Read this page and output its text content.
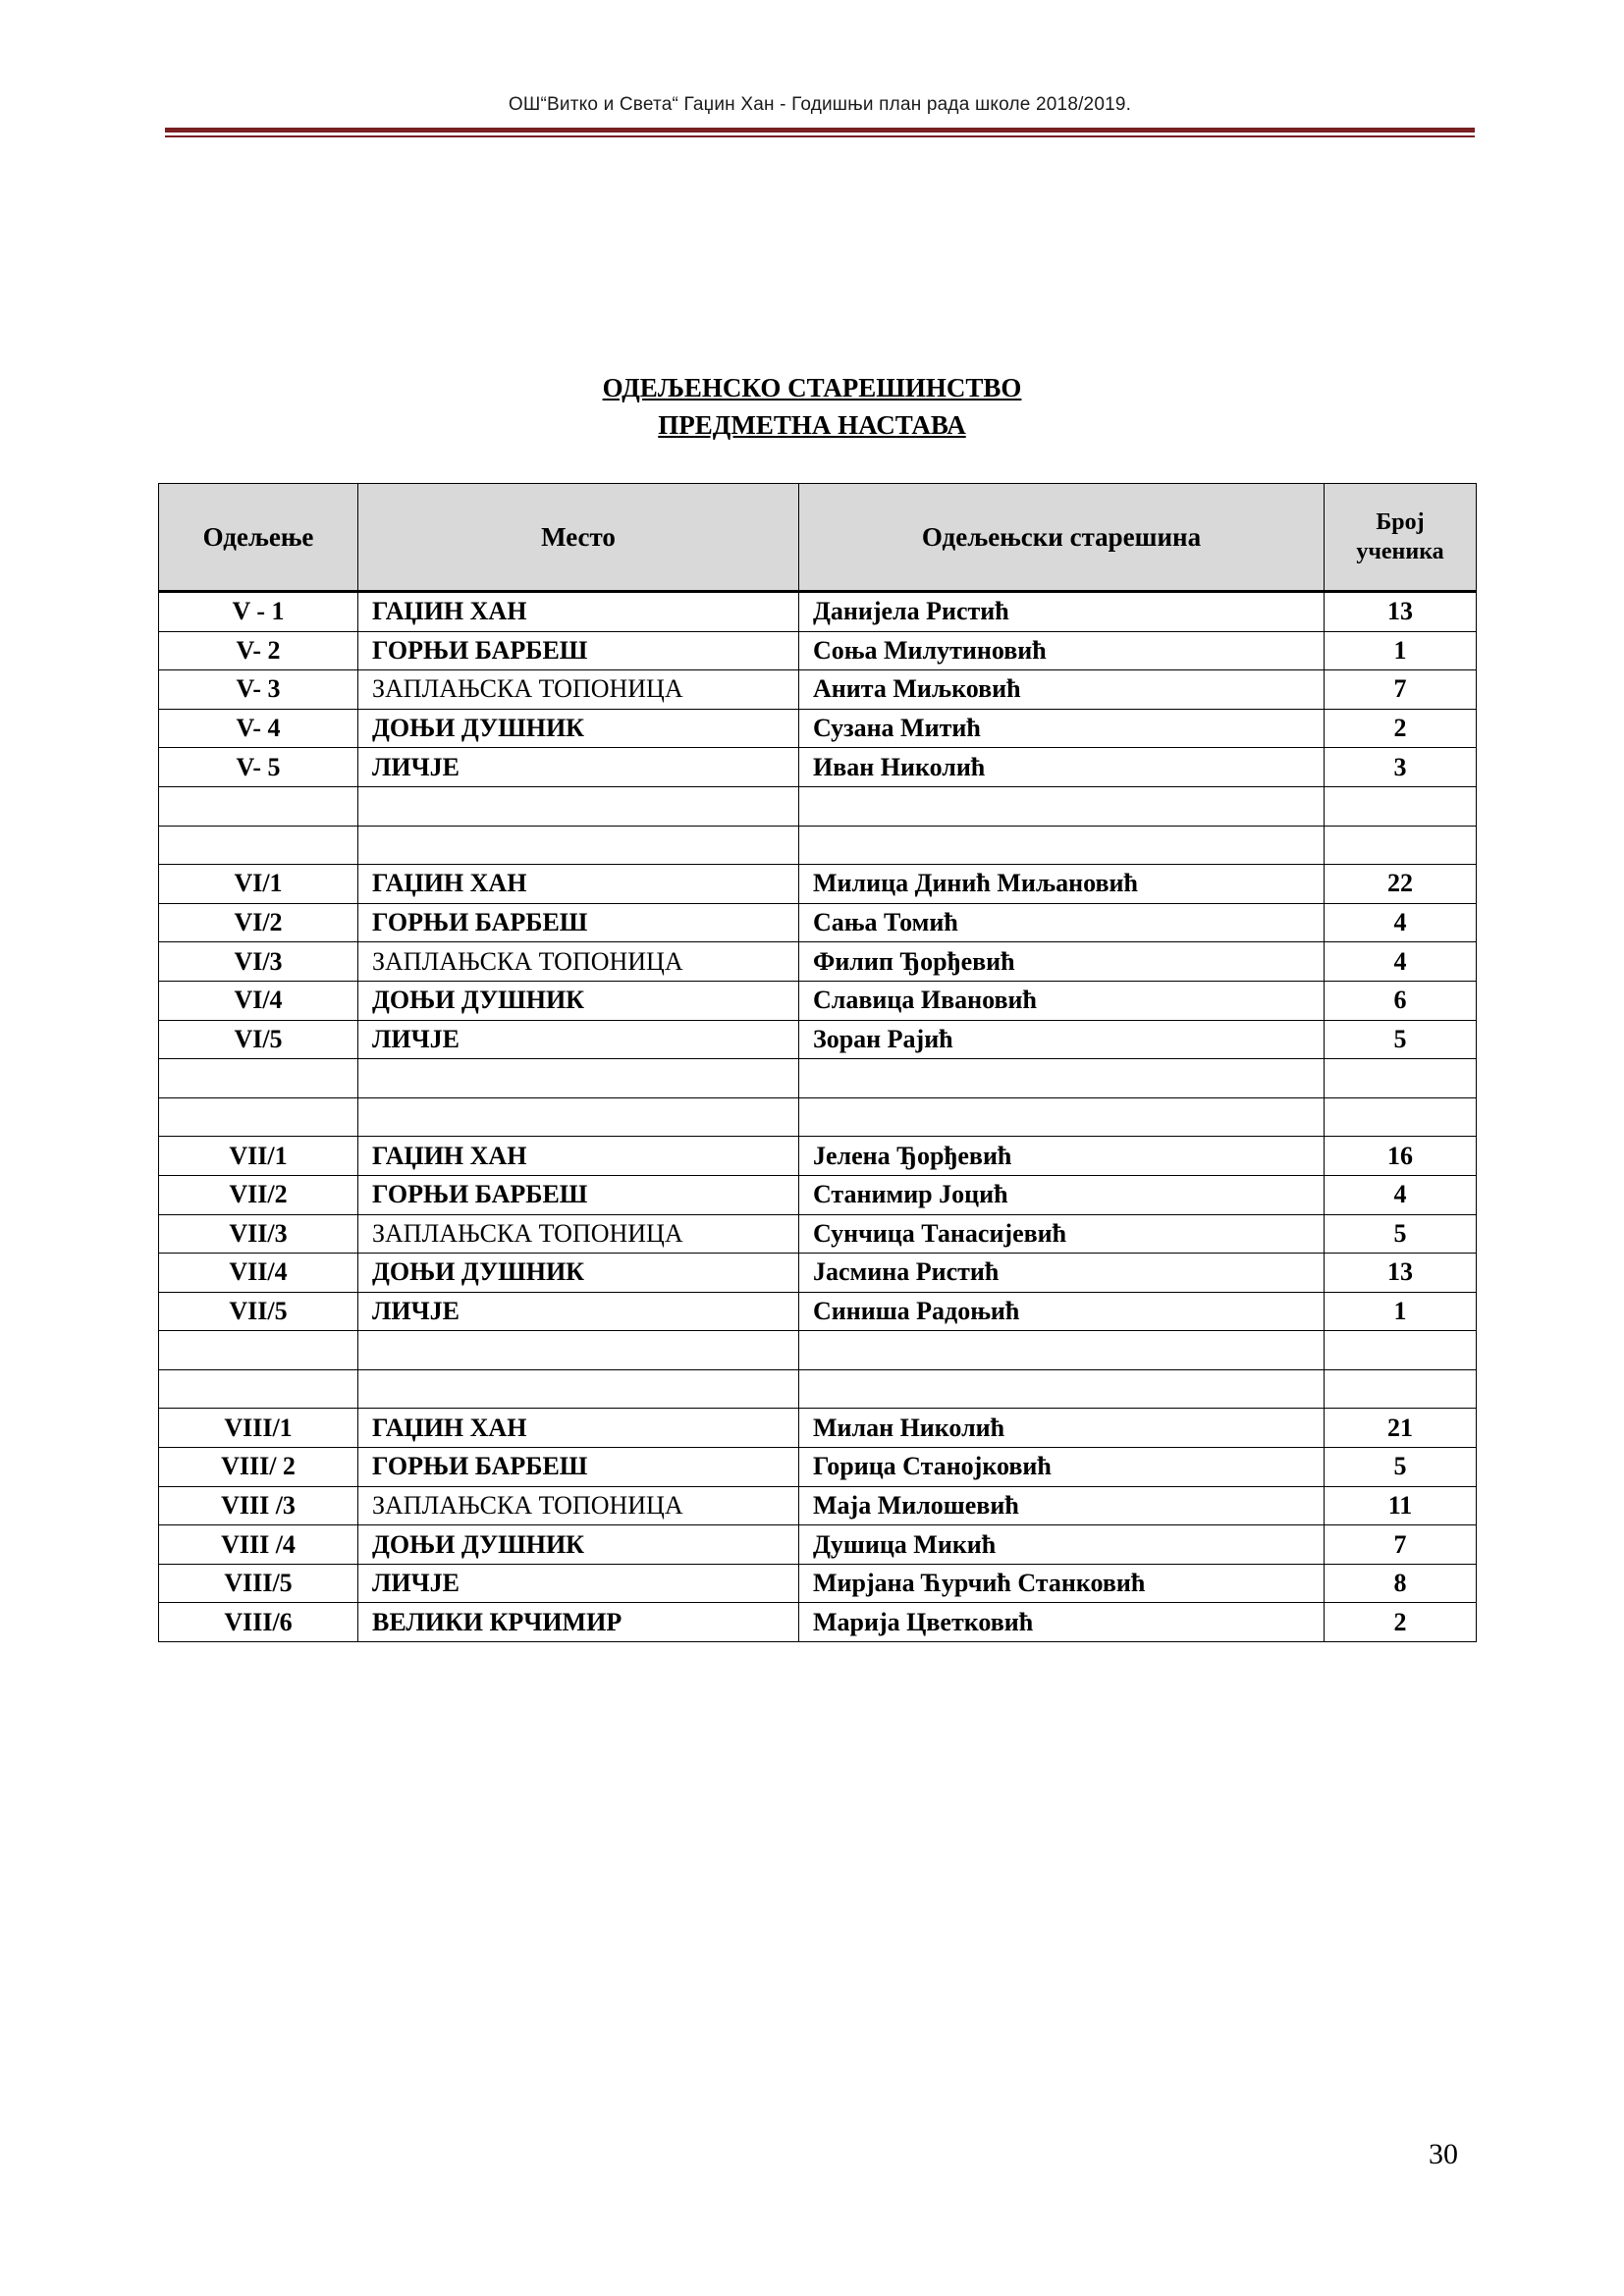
ОШ“Витко и Света“ Гаџин Хан - Годишњи план рада школе 2018/2019.

ОДЕЉЕНСКО СТАРЕШИНСТВО

ПРЕДМЕТНА НАСТАВА

Одељење	Место	Одељењски старешина	Број
ученика
V - 1	ГАЏИН ХАН	Данијела Ристић	13
V- 2	ГОРЊИ БАРБЕШ	Соња Милутиновић	1
V- 3	ЗАПЛАЊСКА ТОПОНИЦА	Анита Миљковић	7
V- 4	ДОЊИ ДУШНИК	Сузана Митић	2
V- 5	ЛИЧЈЕ	Иван Николић	3

VI/1	ГАЏИН ХАН	Милица Динић Миљановић	22
VI/2	ГОРЊИ БАРБЕШ	Сања Томић	4
VI/3	ЗАПЛАЊСКА ТОПОНИЦА	Филип Ђорђевић	4
VI/4	ДОЊИ ДУШНИК	Славица Ивановић	6
VI/5	ЛИЧЈЕ	Зоран Рајић	5

VII/1	ГАЏИН ХАН	Јелена Ђорђевић	16
VII/2	ГОРЊИ БАРБЕШ	Станимир Јоцић	4
VII/3	ЗАПЛАЊСКА ТОПОНИЦА	Сунчица Танасијевић	5
VII/4	ДОЊИ ДУШНИК	Јасмина Ристић	13
VII/5	ЛИЧЈЕ	Синиша Радоњић	1

VIII/1	ГАЏИН ХАН	Милан Николић	21
VIII/ 2	ГОРЊИ БАРБЕШ	Горица Станојковић	5
VIII /3	ЗАПЛАЊСКА ТОПОНИЦА	Маја Милошевић	11
VIII /4	ДОЊИ ДУШНИК	Душица Микић	7
VIII/5	ЛИЧЈЕ	Мирјана Ћурчић Станковић	8
VIII/6	ВЕЛИКИ КРЧИМИР	Марија Цветковић	2
30
